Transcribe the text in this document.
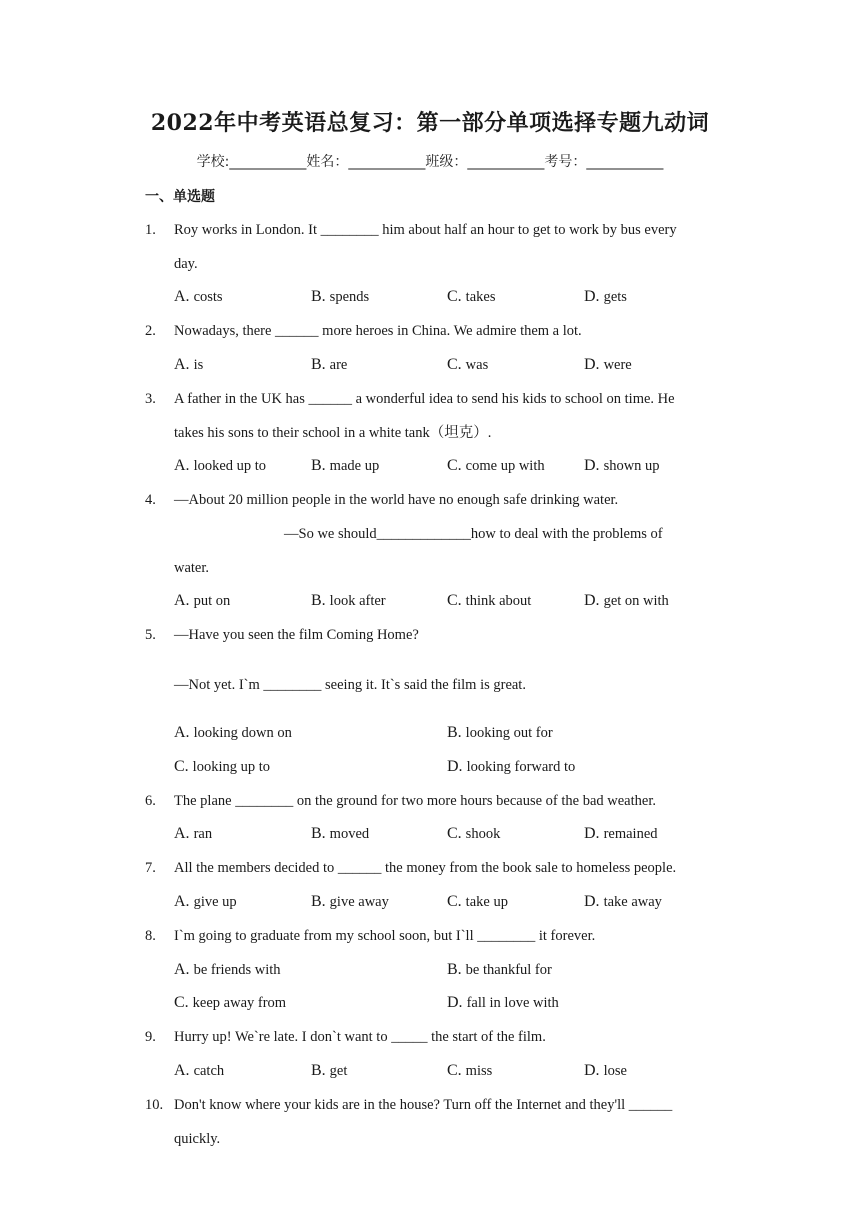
2022年中考英语总复习：第一部分单项选择专题九动词
学校:___________姓名：___________班级：___________考号：___________
一、单选题
1. Roy works in London. It ________ him about half an hour to get to work by bus every
day.
A. costs	B. spends	C. takes	D. gets
2. Nowadays, there ______ more heroes in China. We admire them a lot.
A. is	B. are	C. was	D. were
3. A father in the UK has ______ a wonderful idea to send his kids to school on time. He
takes his sons to their school in a white tank（坦克）.
A. looked up to	B. made up	C. come up with D. shown up
4. —About 20 million people in the world have no enough safe drinking water.
—So we should_____________how to deal with the problems of
water.
A. put on	B. look after	C. think about	D. get on with
5. —Have you seen the film Coming Home?
—Not yet. I`m ________ seeing it. It`s said the film is great.
A. looking down on	B. looking out for
C. looking up to	D. looking forward to
6. The plane ________ on the ground for two more hours because of the bad weather.
A. ran	B. moved	C. shook	D. remained
7. All the members decided to ______ the money from the book sale to homeless people.
A. give up	B. give away	C. take up	D. take away
8. I`m going to graduate from my school soon, but I`ll ________ it forever.
A. be friends with	B. be thankful for
C. keep away from	D. fall in love with
9. Hurry up! We`re late. I don`t want to _____ the start of the film.
A. catch	B. get	C. miss	D. lose
10. Don't know where your kids are in the house? Turn off the Internet and they'll ______
quickly.
